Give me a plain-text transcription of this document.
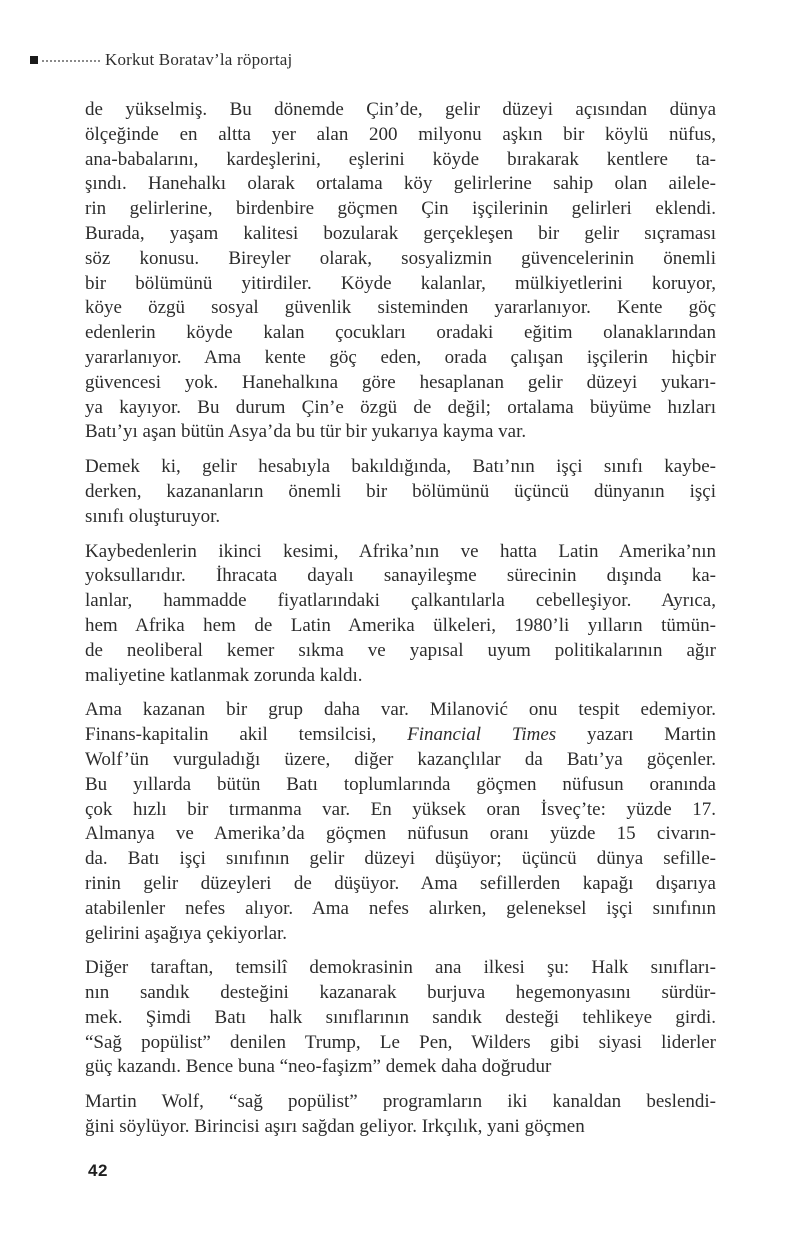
Korkut Boratav’la röportaj
de yükselmiş. Bu dönemde Çin’de, gelir düzeyi açısından dünya
ölçeğinde en altta yer alan 200 milyonu aşkın bir köylü nüfus,
ana-babalarını, kardeşlerini, eşlerini köyde bırakarak kentlere ta-
şındı. Hanehalkı olarak ortalama köy gelirlerine sahip olan ailele-
rin gelirlerine, birdenbire göçmen Çin işçilerinin gelirleri eklendi.
Burada, yaşam kalitesi bozularak gerçekleşen bir gelir sıçraması
söz konusu. Bireyler olarak, sosyalizmin güvencelerinin önemli
bir bölümünü yitirdiler. Köyde kalanlar, mülkiyetlerini koruyor,
köye özgü sosyal güvenlik sisteminden yararlanıyor. Kente göç
edenlerin köyde kalan çocukları oradaki eğitim olanaklarından
yararlanıyor. Ama kente göç eden, orada çalışan işçilerin hiçbir
güvencesi yok. Hanehalkına göre hesaplanan gelir düzeyi yukarı-
ya kayıyor. Bu durum Çin’e özgü de değil; ortalama büyüme hızları
Batı’yı aşan bütün Asya’da bu tür bir yukarıya kayma var.
Demek ki, gelir hesabıyla bakıldığında, Batı’nın işçi sınıfı kaybe-
derken, kazananların önemli bir bölümünü üçüncü dünyanın işçi
sınıfı oluşturuyor.
Kaybedenlerin ikinci kesimi, Afrika’nın ve hatta Latin Amerika’nın
yoksullarıdır. İhracata dayalı sanayileşme sürecinin dışında ka-
lanlar, hammadde fiyatlarındaki çalkantılarla cebelleşiyor. Ayrıca,
hem Afrika hem de Latin Amerika ülkeleri, 1980’li yılların tümün-
de neoliberal kemer sıkma ve yapısal uyum politikalarının ağır
maliyetine katlanmak zorunda kaldı.
Ama kazanan bir grup daha var. Milanović onu tespit edemiyor.
Finans-kapitalin akil temsilcisi, Financial Times yazarı Martin
Wolf’ün vurguladığı üzere, diğer kazançlılar da Batı’ya göçenler.
Bu yıllarda bütün Batı toplumlarında göçmen nüfusun oranında
çok hızlı bir tırmanma var. En yüksek oran İsveç’te: yüzde 17.
Almanya ve Amerika’da göçmen nüfusun oranı yüzde 15 civarın-
da. Batı işçi sınıfının gelir düzeyi düşüyor; üçüncü dünya sefille-
rinin gelir düzeyleri de düşüyor. Ama sefillerden kapağı dışarıya
atabilenler nefes alıyor. Ama nefes alırken, geleneksel işçi sınıfının
gelirini aşağıya çekiyorlar.
Diğer taraftan, temsilî demokrasinin ana ilkesi şu: Halk sınıfları-
nın sandık desteğini kazanarak burjuva hegemonyasını sürdür-
mek. Şimdi Batı halk sınıflarının sandık desteği tehlikeye girdi.
“Sağ popülist” denilen Trump, Le Pen, Wilders gibi siyasi liderler
güç kazandı. Bence buna “neo-faşizm” demek daha doğrudur
Martin Wolf, “sağ popülist” programların iki kanaldan beslendi-
ğini söylüyor. Birincisi aşırı sağdan geliyor. Irkçılık, yani göçmen
42
